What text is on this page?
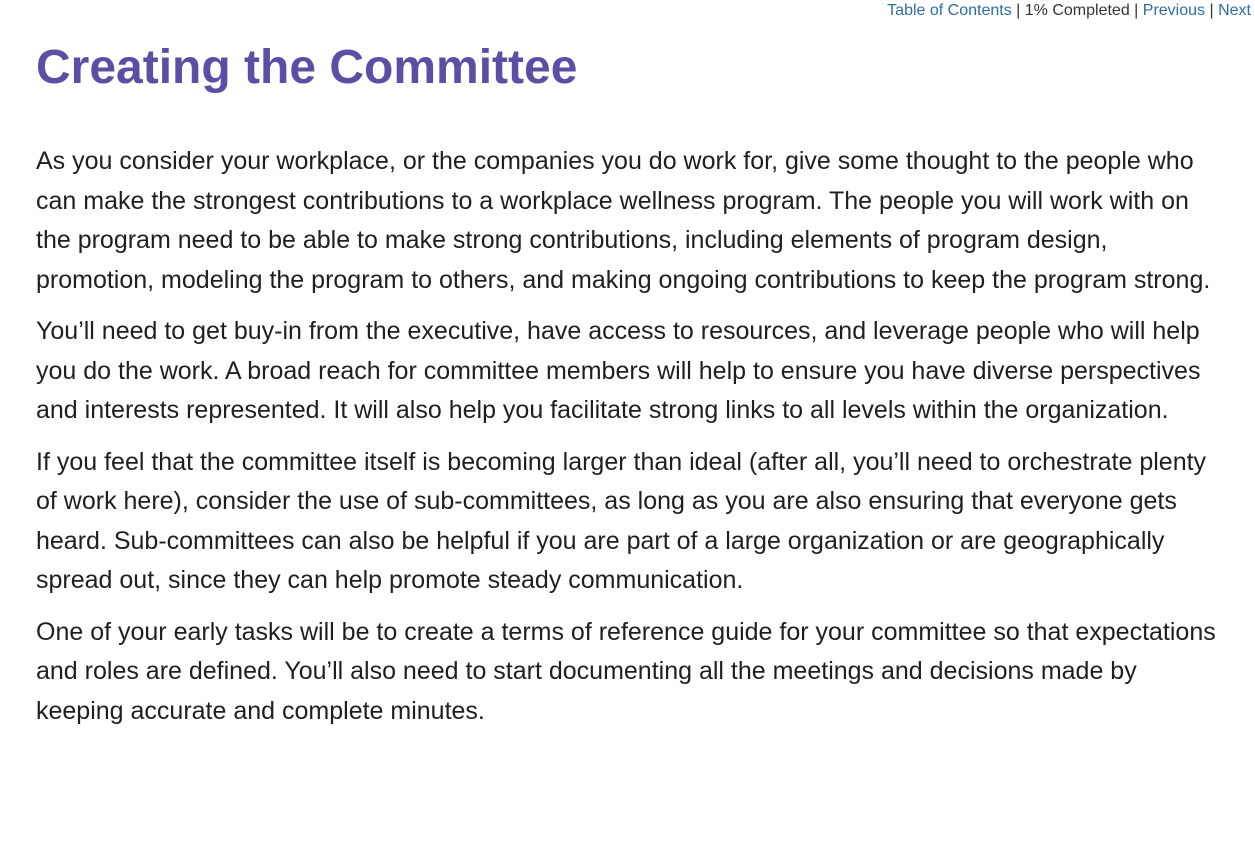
Table of Contents | 1% Completed | Previous | Next
Creating the Committee

As you consider your workplace, or the companies you do work for, give some thought to the people who can make the strongest contributions to a workplace wellness program. The people you will work with on the program need to be able to make strong contributions, including elements of program design, promotion, modeling the program to others, and making ongoing contributions to keep the program strong.

You’ll need to get buy-in from the executive, have access to resources, and leverage people who will help you do the work. A broad reach for committee members will help to ensure you have diverse perspectives and interests represented. It will also help you facilitate strong links to all levels within the organization.

If you feel that the committee itself is becoming larger than ideal (after all, you’ll need to orchestrate plenty of work here), consider the use of sub-committees, as long as you are also ensuring that everyone gets heard. Sub-committees can also be helpful if you are part of a large organization or are geographically spread out, since they can help promote steady communication.

One of your early tasks will be to create a terms of reference guide for your committee so that expectations and roles are defined. You’ll also need to start documenting all the meetings and decisions made by keeping accurate and complete minutes.
